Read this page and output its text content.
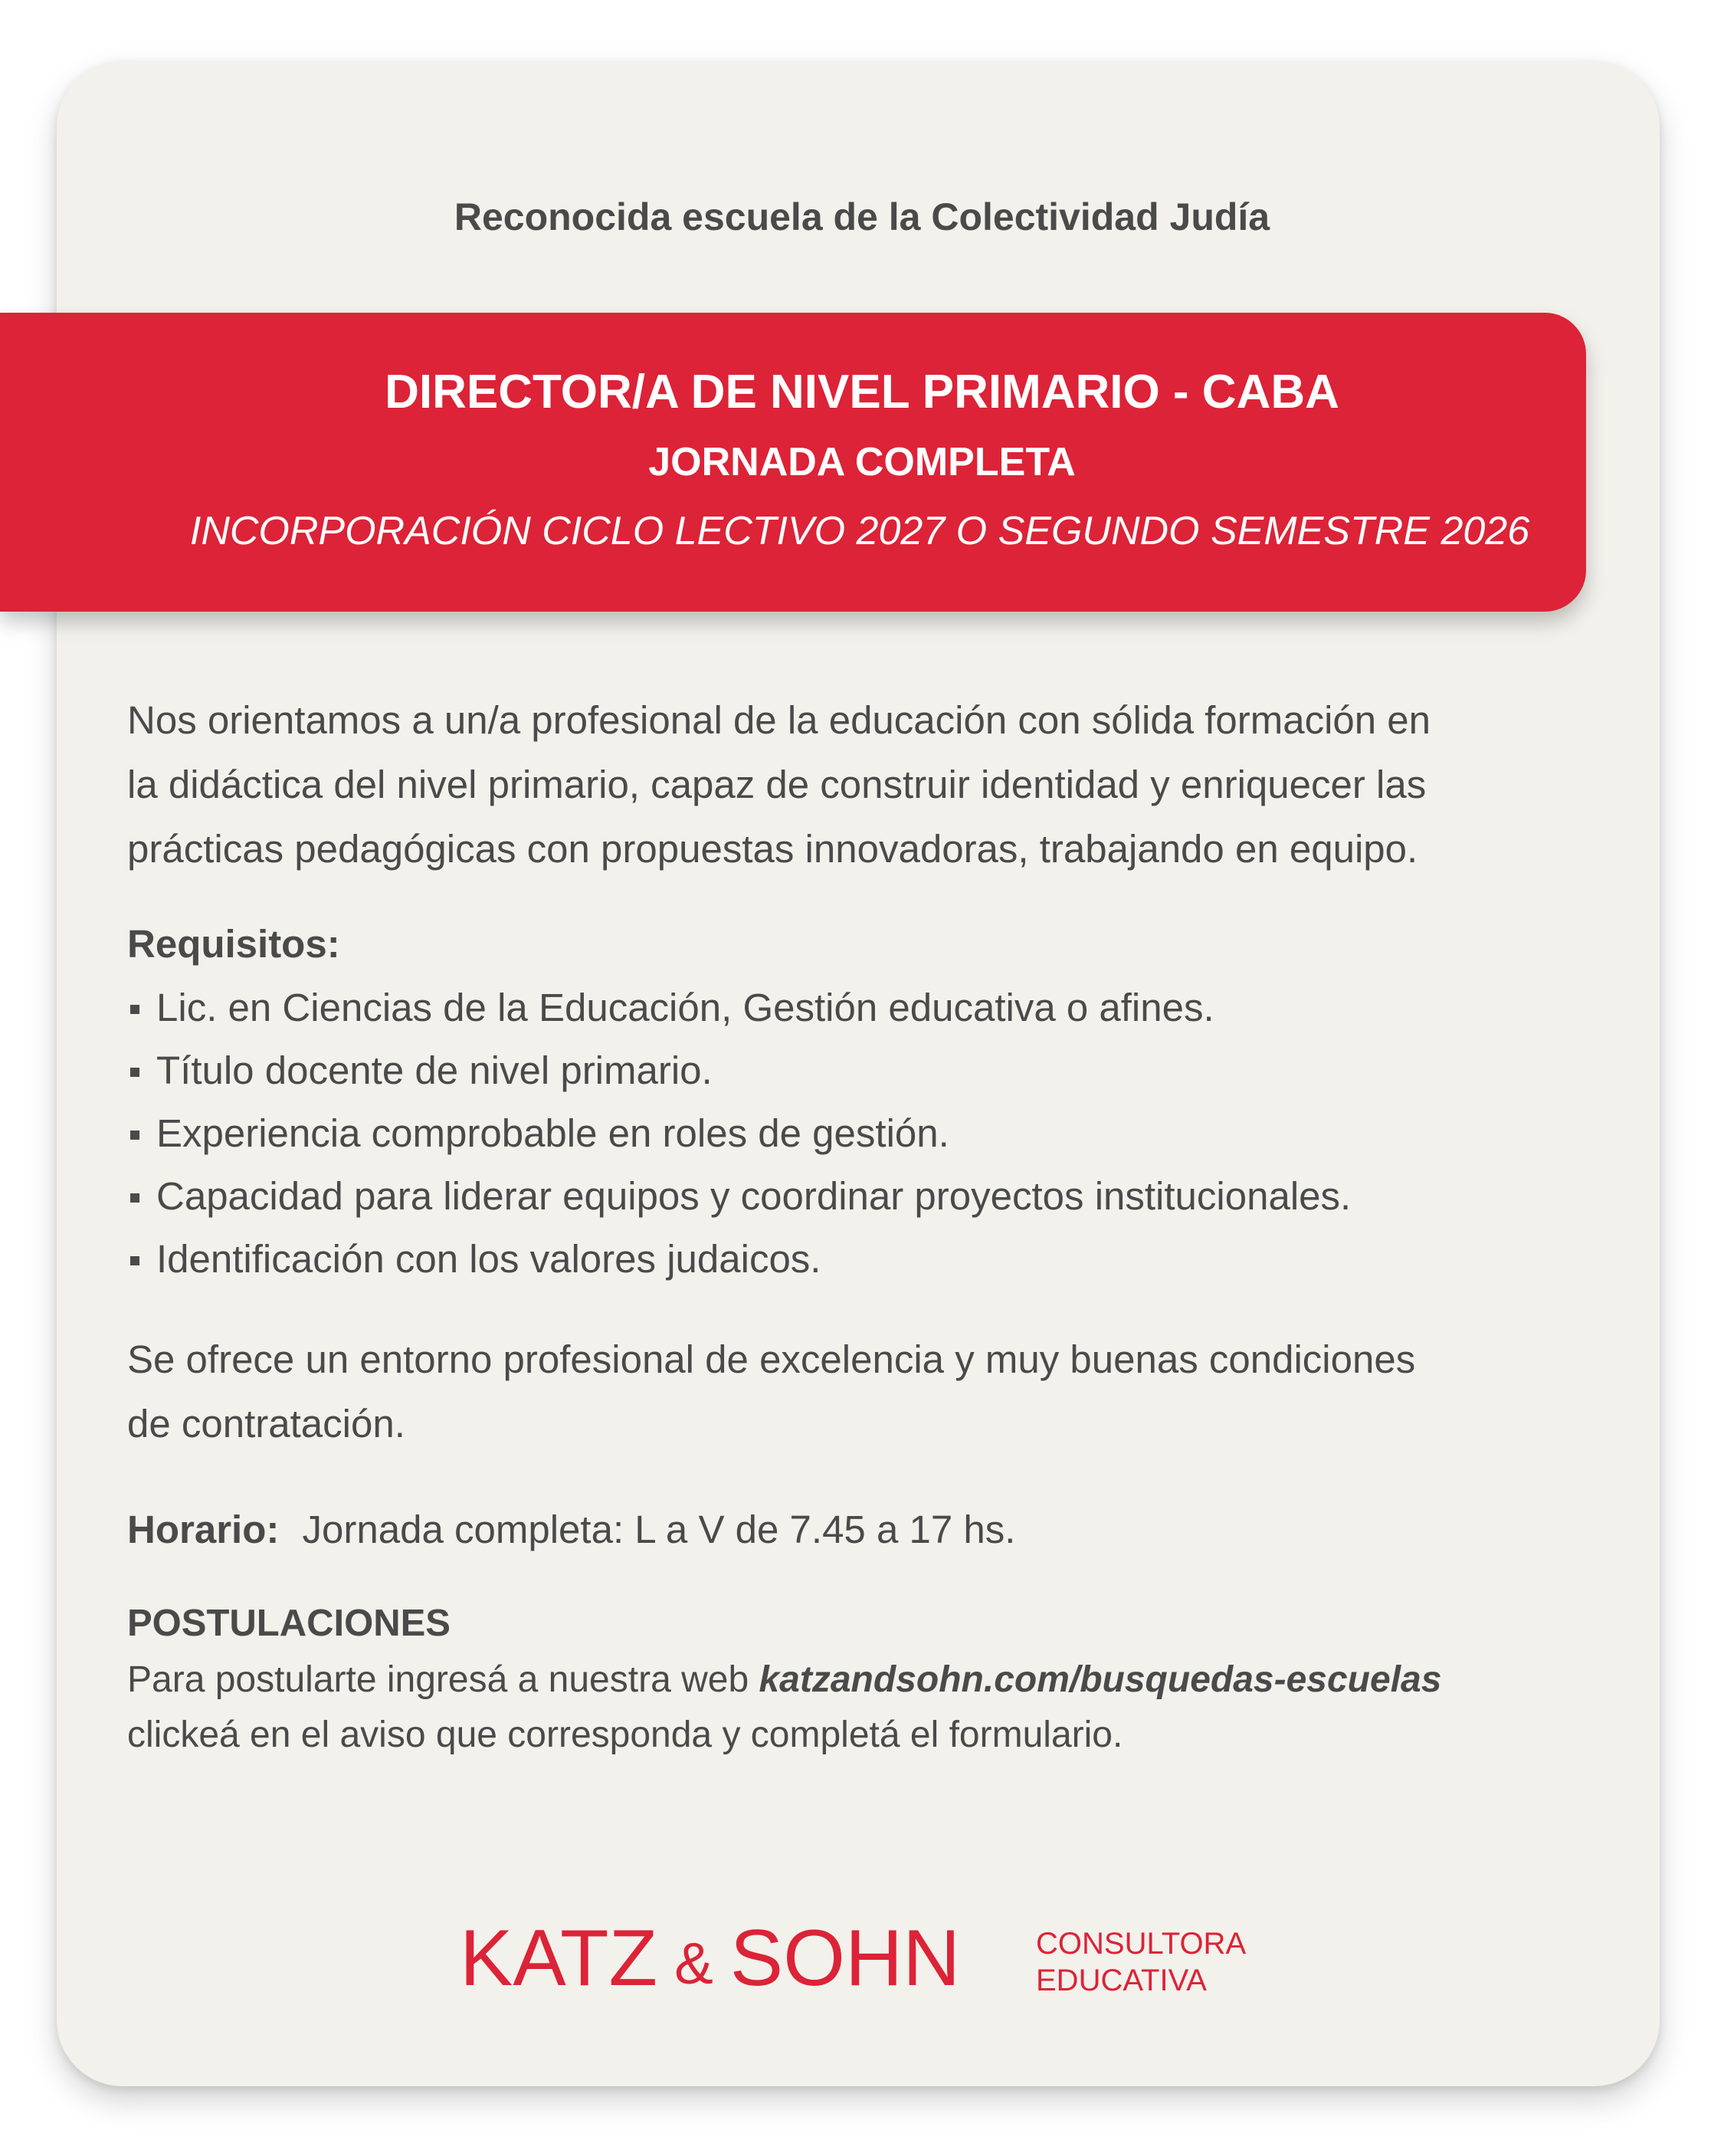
Reconocida escuela de la Colectividad Judía

DIRECTOR/A DE NIVEL PRIMARIO - CABA
JORNADA COMPLETA
INCORPORACIÓN CICLO LECTIVO 2027 O SEGUNDO SEMESTRE 2026

Nos orientamos a un/a profesional de la educación con sólida formación en
la didáctica del nivel primario, capaz de construir identidad y enriquecer las
prácticas pedagógicas con propuestas innovadoras, trabajando en equipo.

Requisitos:

Lic. en Ciencias de la Educación, Gestión educativa o afines.
Título docente de nivel primario.
Experiencia comprobable en roles de gestión.
Capacidad para liderar equipos y coordinar proyectos institucionales.
Identificación con los valores judaicos.

Se ofrece un entorno profesional de excelencia y muy buenas condiciones
de contratación.

Horario: Jornada completa: L a V de 7.45 a 17 hs.

POSTULACIONES

Para postularte ingresá a nuestra web katzandsohn.com/busquedas-escuelas
clickeá en el aviso que corresponda y completá el formulario.

KATZ & SOHN CONSULTORA
EDUCATIVA
